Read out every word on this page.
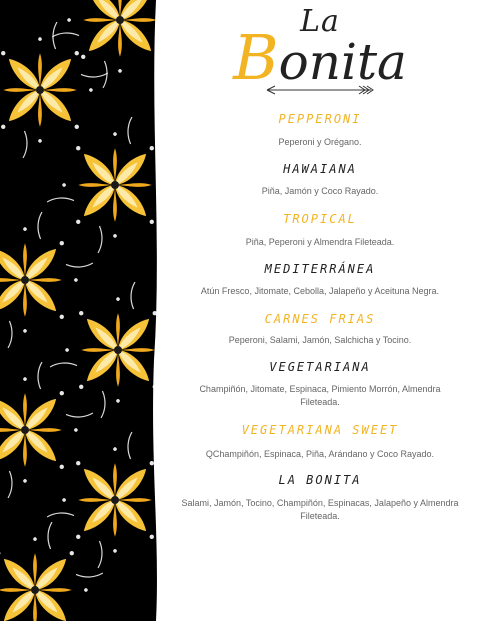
La
Bonita
PEPPERONI
Peperoni y Orégano.
HAWAIANA
Piña, Jamón y Coco Rayado.
TROPICAL
Piña, Peperoni y Almendra Fileteada.
MEDITERRÁNEA
Atún Fresco, Jitomate, Cebolla, Jalapeño y Aceituna Negra.
CARNES FRIAS
Peperoni, Salami, Jamón, Salchicha y Tocino.
VEGETARIANA
Champiñón, Jitomate, Espinaca, Pimiento Morrón, Almendra Fileteada.
VEGETARIANA SWEET
QChampiñón, Espinaca, Piña, Arándano y Coco Rayado.
LA BONITA
Salami, Jamón, Tocino, Champiñón, Espinacas, Jalapeño y Almendra Fileteada.
